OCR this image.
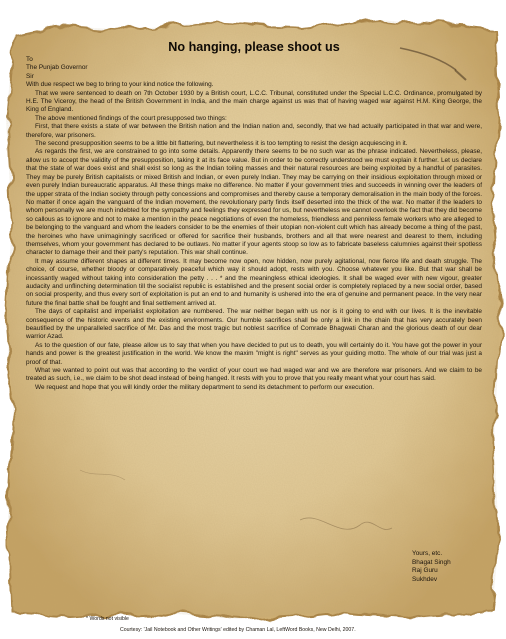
No hanging, please shoot us
To
The Punjab Governor
Sir
With due respect we beg to bring to your kind notice the following.

That we were sentenced to death on 7th October 1930 by a British court, L.C.C. Tribunal, constituted under the Special L.C.C. Ordinance, promulgated by H.E. The Viceroy, the head of the British Government in India, and the main charge against us was that of having waged war against H.M. King George, the King of England.

The above mentioned findings of the court presupposed two things:

First, that there exists a state of war between the British nation and the Indian nation and, secondly, that we had actually participated in that war and were, therefore, war prisoners.

The second presupposition seems to be a little bit flattering, but nevertheless it is too tempting to resist the design acquiescing in it.

As regards the first, we are constrained to go into some details. Apparently there seems to be no such war as the phrase indicated. Nevertheless, please, allow us to accept the validity of the presupposition, taking it at its face value. But in order to be correctly understood we must explain it further. Let us declare that the state of war does exist and shall exist so long as the Indian toiling masses and their natural resources are being exploited by a handful of parasites. They may be purely British capitalists or mixed British and Indian, or even purely Indian. They may be carrying on their insidious exploitation through mixed or even purely Indian bureaucratic apparatus. All these things make no difference. No matter if your government tries and succeeds in winning over the leaders of the upper strata of the Indian society through petty concessions and compromises and thereby cause a temporary demoralisation in the main body of the forces. No matter if once again the vanguard of the Indian movement, the revolutionary party finds itself deserted into the thick of the war. No matter if the leaders to whom personally we are much indebted for the sympathy and feelings they expressed for us, but nevertheless we cannot overlook the fact that they did become so callous as to ignore and not to make a mention in the peace negotiations of even the homeless, friendless and penniless female workers who are alleged to be belonging to the vanguard and whom the leaders consider to be the enemies of their utopian non-violent cult which has already become a thing of the past, the heroines who have unimaginingly sacrificed or offered for sacrifice their husbands, brothers and all that were nearest and dearest to them, including themselves, whom your government has declared to be outlaws. No matter if your agents stoop so low as to fabricate baseless calumnies against their spotless character to damage their and their party's reputation. This war shall continue.

It may assume different shapes at different times. It may become now open, now hidden, now purely agitational, now fierce life and death struggle. The choice, of course, whether bloody or comparatively peaceful which way it should adopt, rests with you. Choose whatever you like. But that war shall be incessantly waged without taking into consideration the petty . . . * and the meaningless ethical ideologies. It shall be waged ever with new vigour, greater audacity and unflinching determination till the socialist republic is established and the present social order is completely replaced by a new social order, based on social prosperity, and thus every sort of exploitation is put an end to and humanity is ushered into the era of genuine and permanent peace. In the very near future the final battle shall be fought and final settlement arrived at.

The days of capitalist and imperialist exploitation are numbered. The war neither began with us nor is it going to end with our lives. It is the inevitable consequence of the historic events and the existing environments. Our humble sacrifices shall be only a link in the chain that has very accurately been beautified by the unparalleled sacrifice of Mr. Das and the most tragic but noblest sacrifice of Comrade Bhagwati Charan and the glorious death of our dear warrior Azad.

As to the question of our fate, please allow us to say that when you have decided to put us to death, you will certainly do it. You have got the power in your hands and power is the greatest justification in the world. We know the maxim "might is right" serves as your guiding motto. The whole of our trial was just a proof of that.

What we wanted to point out was that according to the verdict of your court we had waged war and we are therefore war prisoners. And we claim to be treated as such, i.e., we claim to be shot dead instead of being hanged. It rests with you to prove that you really meant what your court has said.

We request and hope that you will kindly order the military department to send its detachment to perform our execution.

Yours, etc.
Bhagat Singh
Raj Guru
Sukhdev
* Words not visible
Courtesy: 'Jail Notebook and Other Writings' edited by Chaman Lal, LeftWord Books, New Delhi, 2007.
